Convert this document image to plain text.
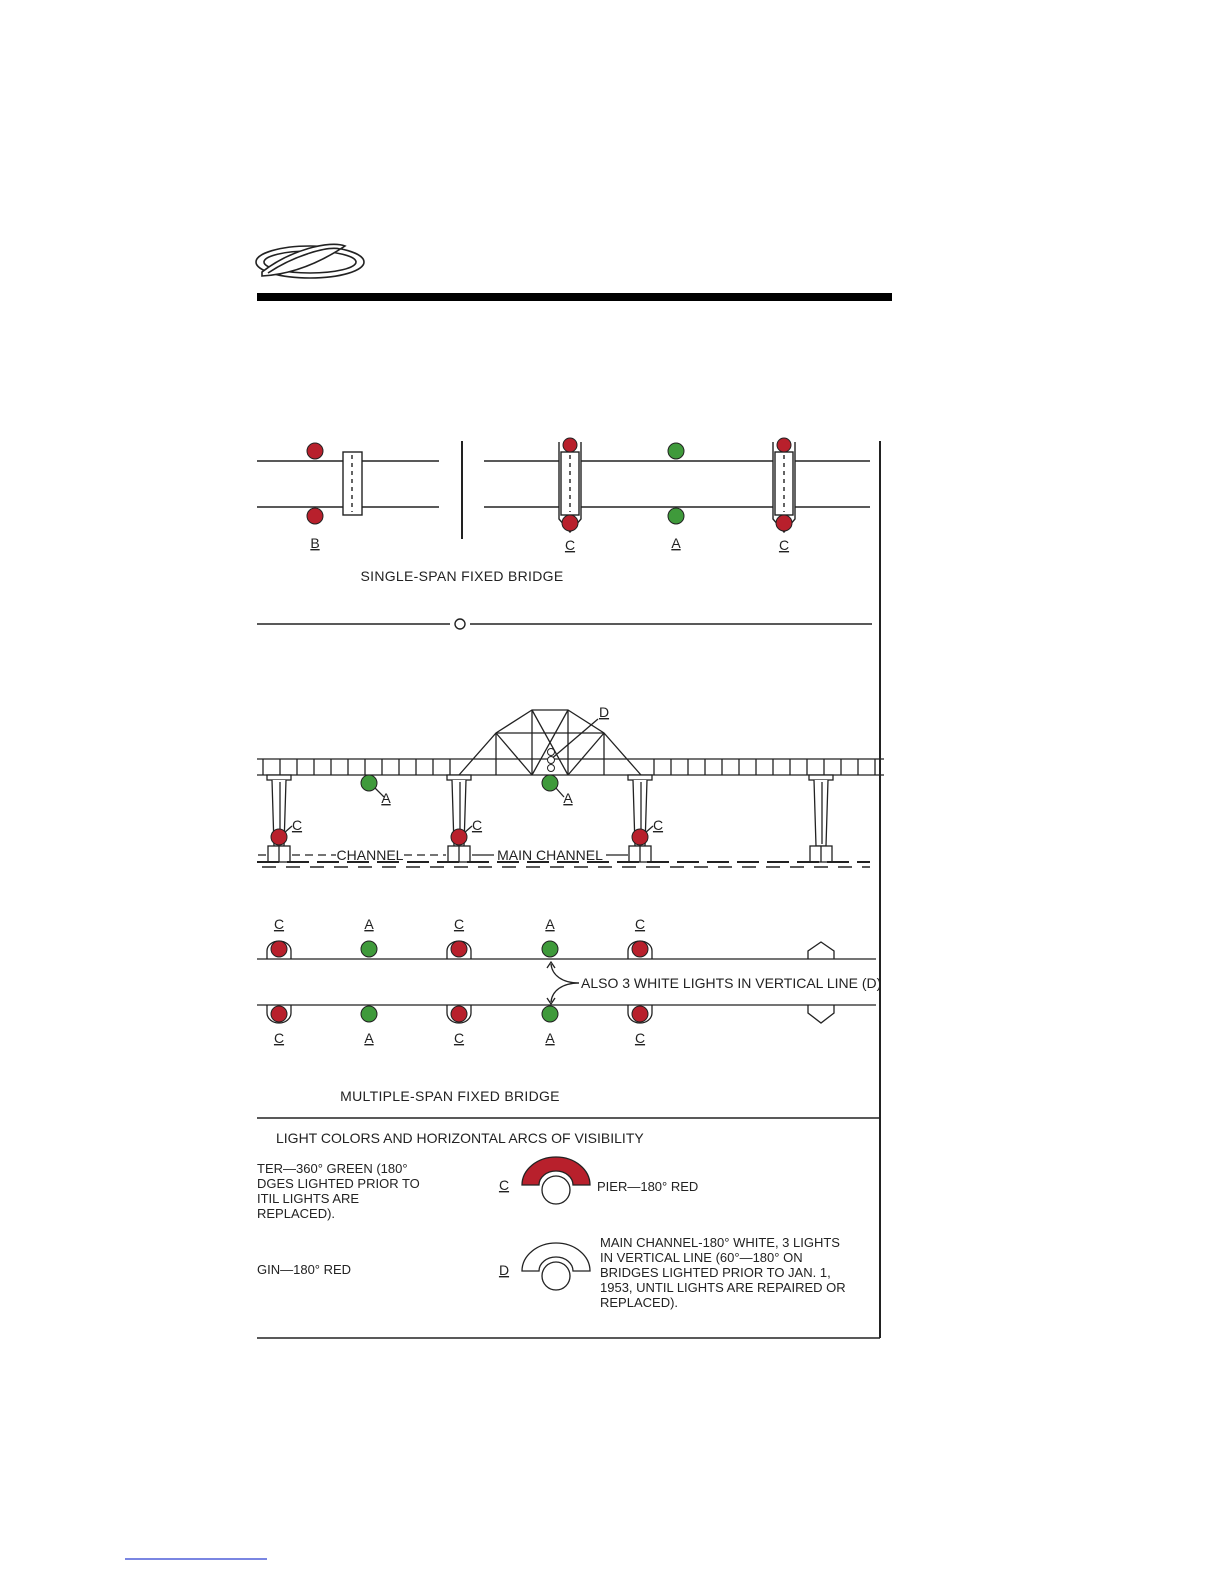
B	C	A	C
SINGLE-SPAN FIXED BRIDGE
D
A	A
C	C	C
CHANNEL	MAIN CHANNEL
ALSO 3 WHITE LIGHTS IN VERTICAL LINE (D)
C	A	C	A	C
C	A	C	A	C
MULTIPLE-SPAN FIXED BRIDGE
LIGHT COLORS AND HORIZONTAL ARCS OF VISIBILITY
TER—360° GREEN (180°
DGES LIGHTED PRIOR TO
ITIL LIGHTS ARE
REPLACED).
GIN—180° RED
C	PIER—180° RED
D
MAIN CHANNEL-180° WHITE, 3 LIGHTS
IN VERTICAL LINE (60°—180° ON
BRIDGES LIGHTED PRIOR TO JAN. 1,
1953, UNTIL LIGHTS ARE REPAIRED OR
REPLACED).
